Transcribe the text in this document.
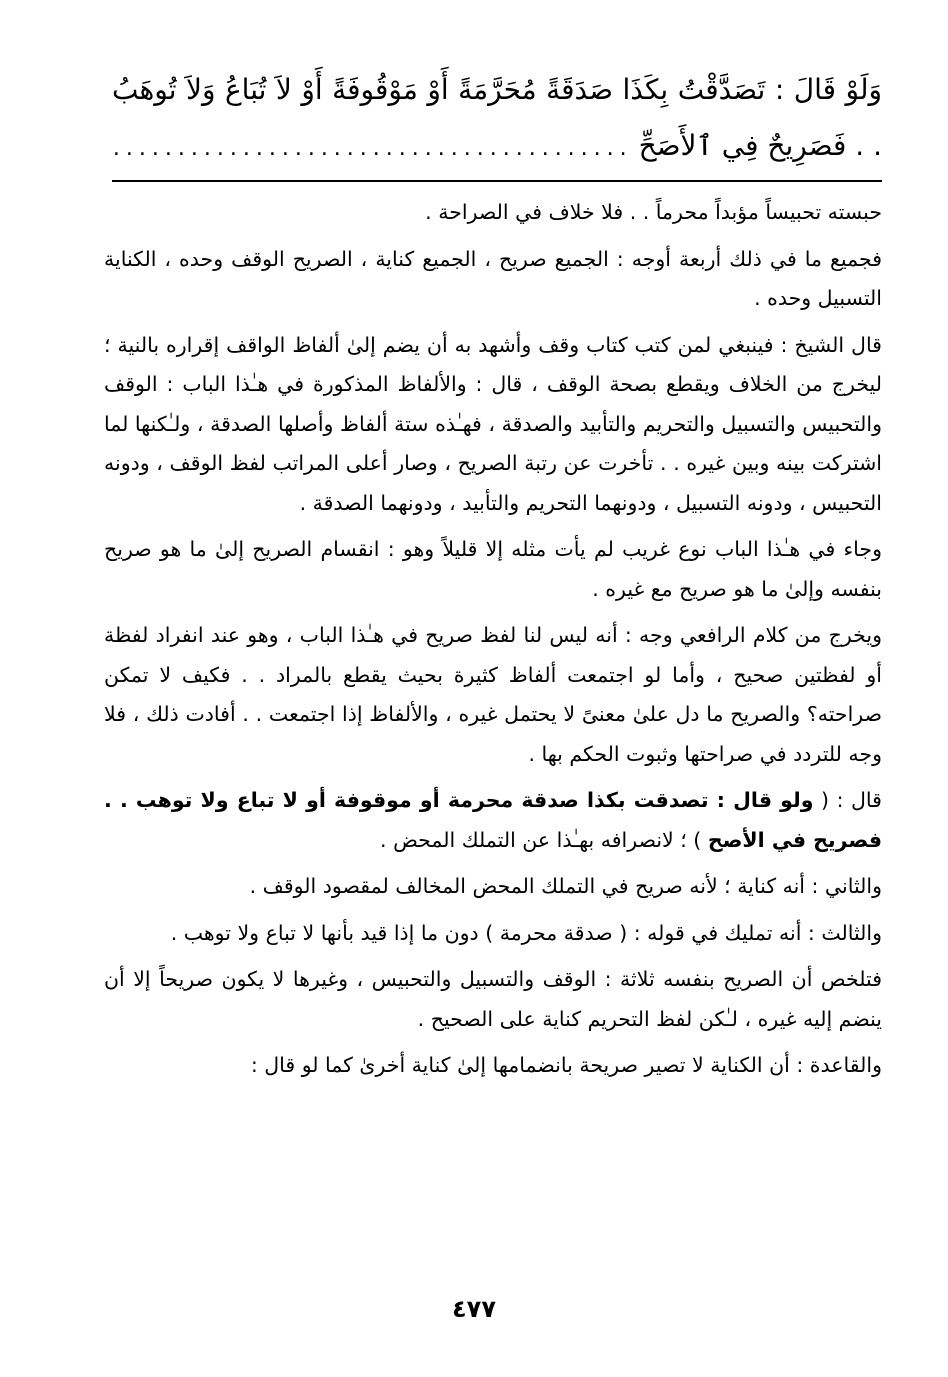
وَلَوْ قَالَ : تَصَدَّقْتُ بِكَذَا صَدَقَةً مُحَرَّمَةً أَوْ مَوْقُوفَةً أَوْ لاَ تُبَاعُ وَلاَ تُوهَبُ . . فَصَرِيحٌ فِي ٱلأَصَحِّ........................................

حبسته تحبيساً مؤبداً محرماً . . فلا خلاف في الصراحة .

فجميع ما في ذلك أربعة أوجه : الجميع صريح ، الجميع كناية ، الصريح الوقف وحده ، الكناية التسبيل وحده .

قال الشيخ : فينبغي لمن كتب كتاب وقف وأشهد به أن يضم إلىٰ ألفاظ الواقف إقراره بالنية ؛ ليخرج من الخلاف ويقطع بصحة الوقف ، قال : والألفاظ المذكورة في هـٰذا الباب : الوقف والتحبيس والتسبيل والتحريم والتأبيد والصدقة ، فهـٰذه ستة ألفاظ وأصلها الصدقة ، ولـٰكنها لما اشتركت بينه وبين غيره . . تأخرت عن رتبة الصريح ، وصار أعلى المراتب لفظ الوقف ، ودونه التحبيس ، ودونه التسبيل ، ودونهما التحريم والتأبيد ، ودونهما الصدقة .

وجاء في هـٰذا الباب نوع غريب لم يأت مثله إلا قليلاً وهو : انقسام الصريح إلىٰ ما هو صريح بنفسه وإلىٰ ما هو صريح مع غيره .

ويخرج من كلام الرافعي وجه : أنه ليس لنا لفظ صريح في هـٰذا الباب ، وهو عند انفراد لفظة أو لفظتين صحيح ، وأما لو اجتمعت ألفاظ كثيرة بحيث يقطع بالمراد . . فكيف لا تمكن صراحته؟ والصريح ما دل علىٰ معنىً لا يحتمل غيره ، والألفاظ إذا اجتمعت . . أفادت ذلك ، فلا وجه للتردد في صراحتها وثبوت الحكم بها .

قال : ( ولو قال : تصدقت بكذا صدقة محرمة أو موقوفة أو لا تباع ولا توهب . . فصريح في الأصح ) ؛ لانصرافه بهـٰذا عن التملك المحض .

والثاني : أنه كناية ؛ لأنه صريح في التملك المحض المخالف لمقصود الوقف .

والثالث : أنه تمليك في قوله : ( صدقة محرمة ) دون ما إذا قيد بأنها لا تباع ولا توهب .

فتلخص أن الصريح بنفسه ثلاثة : الوقف والتسبيل والتحبيس ، وغيرها لا يكون صريحاً إلا أن ينضم إليه غيره ، لـٰكن لفظ التحريم كناية على الصحيح .

والقاعدة : أن الكناية لا تصير صريحة بانضمامها إلىٰ كناية أخرىٰ كما لو قال :

٤٧٧
